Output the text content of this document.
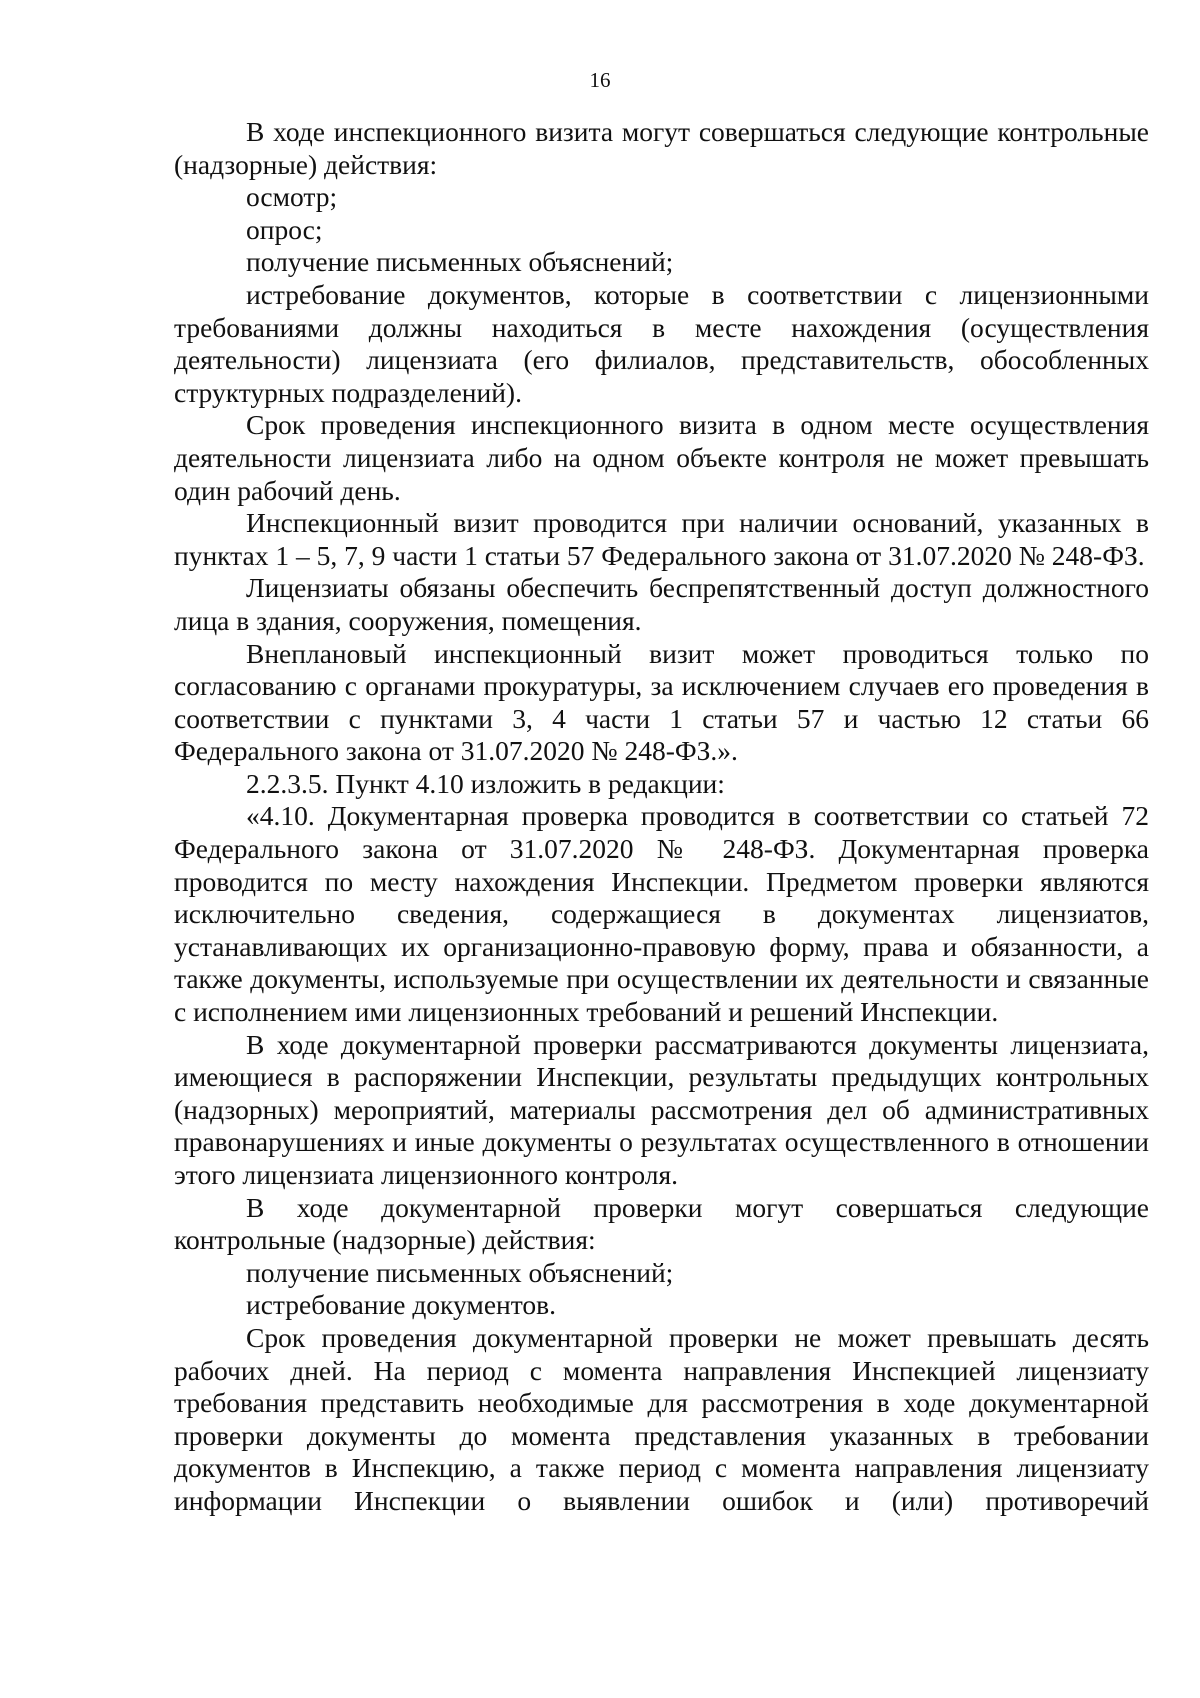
16

В ходе инспекционного визита могут совершаться следующие контрольные (надзорные) действия:

осмотр;

опрос;

получение письменных объяснений;

истребование документов, которые в соответствии с лицензионными требованиями должны находиться в месте нахождения (осуществления деятельности) лицензиата (его филиалов, представительств, обособленных структурных подразделений).

Срок проведения инспекционного визита в одном месте осуществления деятельности лицензиата либо на одном объекте контроля не может превышать один рабочий день.

Инспекционный визит проводится при наличии оснований, указанных в пунктах 1 – 5, 7, 9 части 1 статьи 57 Федерального закона от 31.07.2020 № 248-ФЗ.

Лицензиаты обязаны обеспечить беспрепятственный доступ должностного лица в здания, сооружения, помещения.

Внеплановый инспекционный визит может проводиться только по согласованию с органами прокуратуры, за исключением случаев его проведения в соответствии с пунктами 3, 4 части 1 статьи 57 и частью 12 статьи 66 Федерального закона от 31.07.2020 № 248-ФЗ.».

2.2.3.5. Пункт 4.10 изложить в редакции:

«4.10. Документарная проверка проводится в соответствии со статьей 72 Федерального закона от 31.07.2020 № 248-ФЗ. Документарная проверка проводится по месту нахождения Инспекции. Предметом проверки являются исключительно сведения, содержащиеся в документах лицензиатов, устанавливающих их организационно-правовую форму, права и обязанности, а также документы, используемые при осуществлении их деятельности и связанные с исполнением ими лицензионных требований и решений Инспекции.

В ходе документарной проверки рассматриваются документы лицензиата, имеющиеся в распоряжении Инспекции, результаты предыдущих контрольных (надзорных) мероприятий, материалы рассмотрения дел об административных правонарушениях и иные документы о результатах осуществленного в отношении этого лицензиата лицензионного контроля.

В ходе документарной проверки могут совершаться следующие контрольные (надзорные) действия:

получение письменных объяснений;

истребование документов.

Срок проведения документарной проверки не может превышать десять рабочих дней. На период с момента направления Инспекцией лицензиату требования представить необходимые для рассмотрения в ходе документарной проверки документы до момента представления указанных в требовании документов в Инспекцию, а также период с момента направления лицензиату информации Инспекции о выявлении ошибок и (или) противоречий
